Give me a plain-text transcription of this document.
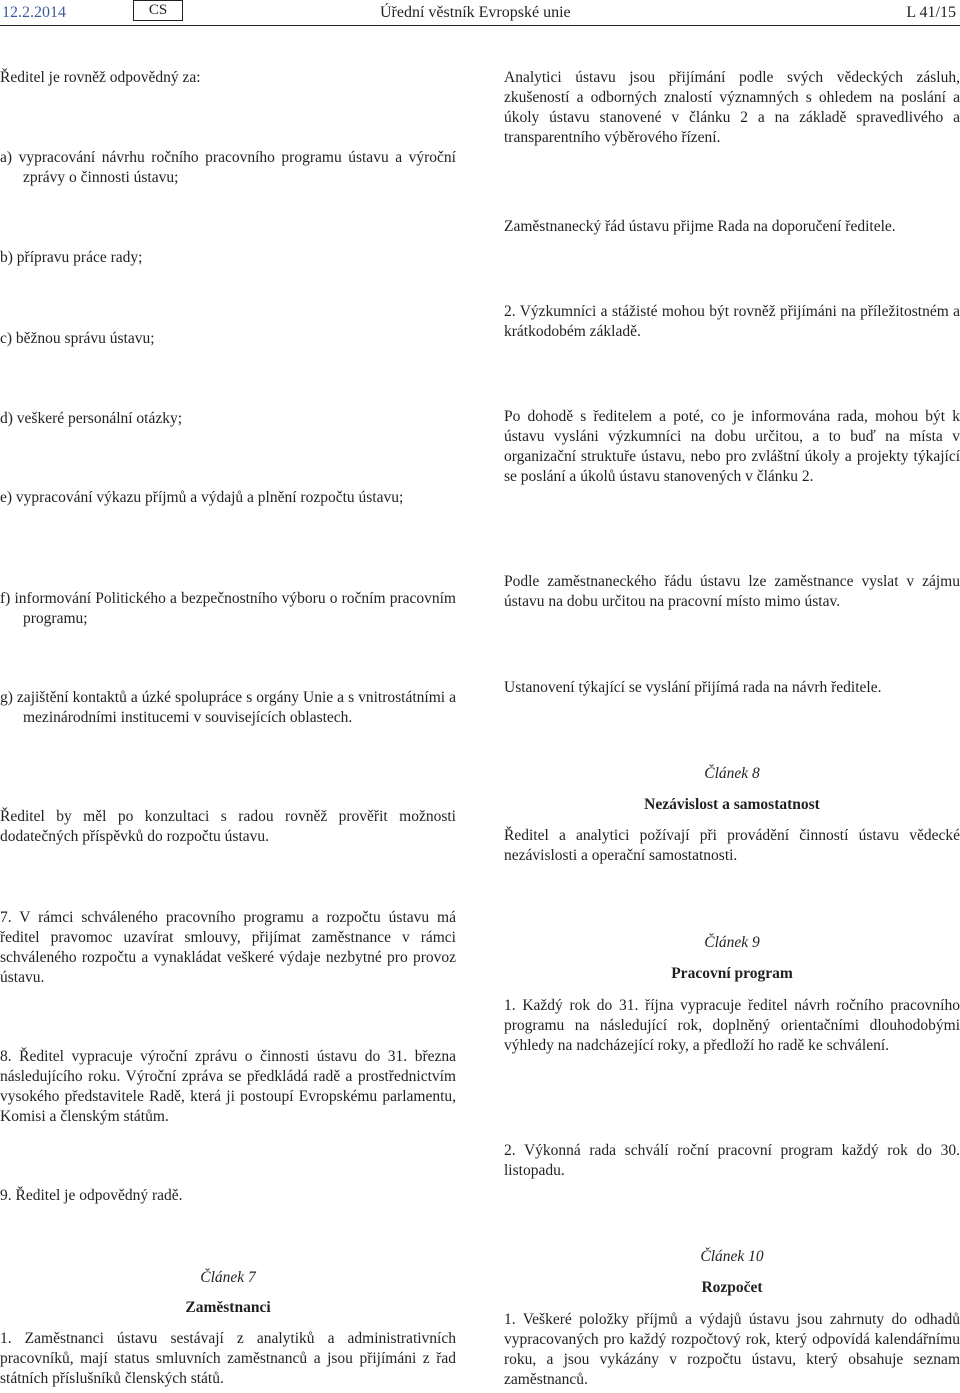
12.2.2014	CS	Úřední věstník Evropské unie	L 41/15

Ředitel je rovněž odpovědný za:

a) vypracování návrhu ročního pracovního programu ústavu a výroční zprávy o činnosti ústavu;

b) přípravu práce rady;

c) běžnou správu ústavu;

d) veškeré personální otázky;

e) vypracování výkazu příjmů a výdajů a plnění rozpočtu ústavu;

f) informování Politického a bezpečnostního výboru o ročním pracovním programu;

g) zajištění kontaktů a úzké spolupráce s orgány Unie a s vnitrostátními a mezinárodními institucemi v souvisejících oblastech.

Ředitel by měl po konzultaci s radou rovněž prověřit možnosti dodatečných příspěvků do rozpočtu ústavu.

7. V rámci schváleného pracovního programu a rozpočtu ústavu má ředitel pravomoc uzavírat smlouvy, přijímat zaměstnance v rámci schváleného rozpočtu a vynakládat veškeré výdaje nezbytné pro provoz ústavu.

8. Ředitel vypracuje výroční zprávu o činnosti ústavu do 31. března následujícího roku. Výroční zpráva se předkládá radě a prostřednictvím vysokého představitele Radě, která ji postoupí Evropskému parlamentu, Komisi a členským státům.

9. Ředitel je odpovědný radě.

Článek 7
Zaměstnanci

1. Zaměstnanci ústavu sestávají z analytiků a administrativních pracovníků, mají status smluvních zaměstnanců a jsou přijímáni z řad státních příslušníků členských států.

Analytici ústavu jsou přijímání podle svých vědeckých zásluh, zkušeností a odborných znalostí významných s ohledem na poslání a úkoly ústavu stanovené v článku 2 a na základě spravedlivého a transparentního výběrového řízení.

Zaměstnanecký řád ústavu přijme Rada na doporučení ředitele.

2. Výzkumníci a stážisté mohou být rovněž přijímáni na příležitostném a krátkodobém základě.

Po dohodě s ředitelem a poté, co je informována rada, mohou být k ústavu vysláni výzkumníci na dobu určitou, a to buď na místa v organizační struktuře ústavu, nebo pro zvláštní úkoly a projekty týkající se poslání a úkolů ústavu stanovených v článku 2.

Podle zaměstnaneckého řádu ústavu lze zaměstnance vyslat v zájmu ústavu na dobu určitou na pracovní místo mimo ústav.

Ustanovení týkající se vyslání přijímá rada na návrh ředitele.

Článek 8
Nezávislost a samostatnost

Ředitel a analytici požívají při provádění činností ústavu vědecké nezávislosti a operační samostatnosti.

Článek 9
Pracovní program

1. Každý rok do 31. října vypracuje ředitel návrh ročního pracovního programu na následující rok, doplněný orientačními dlouhodobými výhledy na nadcházející roky, a předloží ho radě ke schválení.

2. Výkonná rada schválí roční pracovní program každý rok do 30. listopadu.

Článek 10
Rozpočet

1. Veškeré položky příjmů a výdajů ústavu jsou zahrnuty do odhadů vypracovaných pro každý rozpočtový rok, který odpovídá kalendářnímu roku, a jsou vykázány v rozpočtu ústavu, který obsahuje seznam zaměstnanců.
